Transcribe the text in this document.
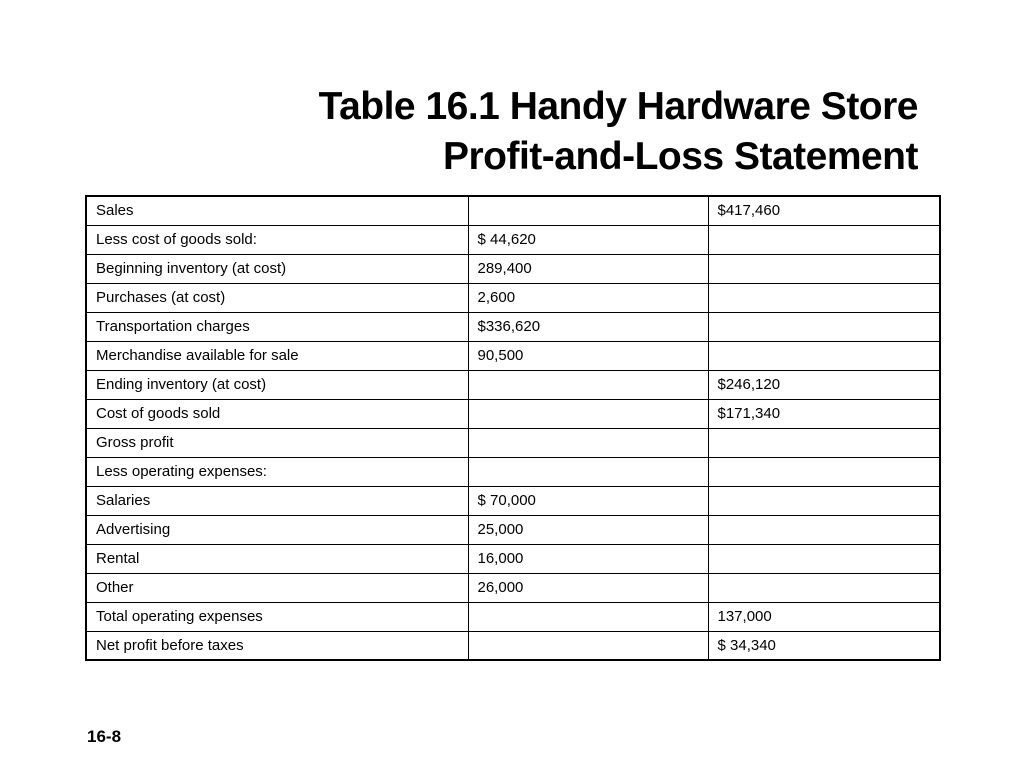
Table 16.1 Handy Hardware Store
Profit-and-Loss Statement
Sales		$417,460
Less cost of goods sold:	$ 44,620	
Beginning inventory (at cost)	289,400	
Purchases (at cost)	2,600	
Transportation charges	$336,620	
Merchandise available for sale	90,500	
Ending inventory (at cost)		$246,120
Cost of goods sold		$171,340
Gross profit		
Less operating expenses:		
Salaries	$ 70,000	
Advertising	25,000	
Rental	16,000	
Other	26,000	
Total operating expenses		137,000
Net profit before taxes		$ 34,340
16-8
